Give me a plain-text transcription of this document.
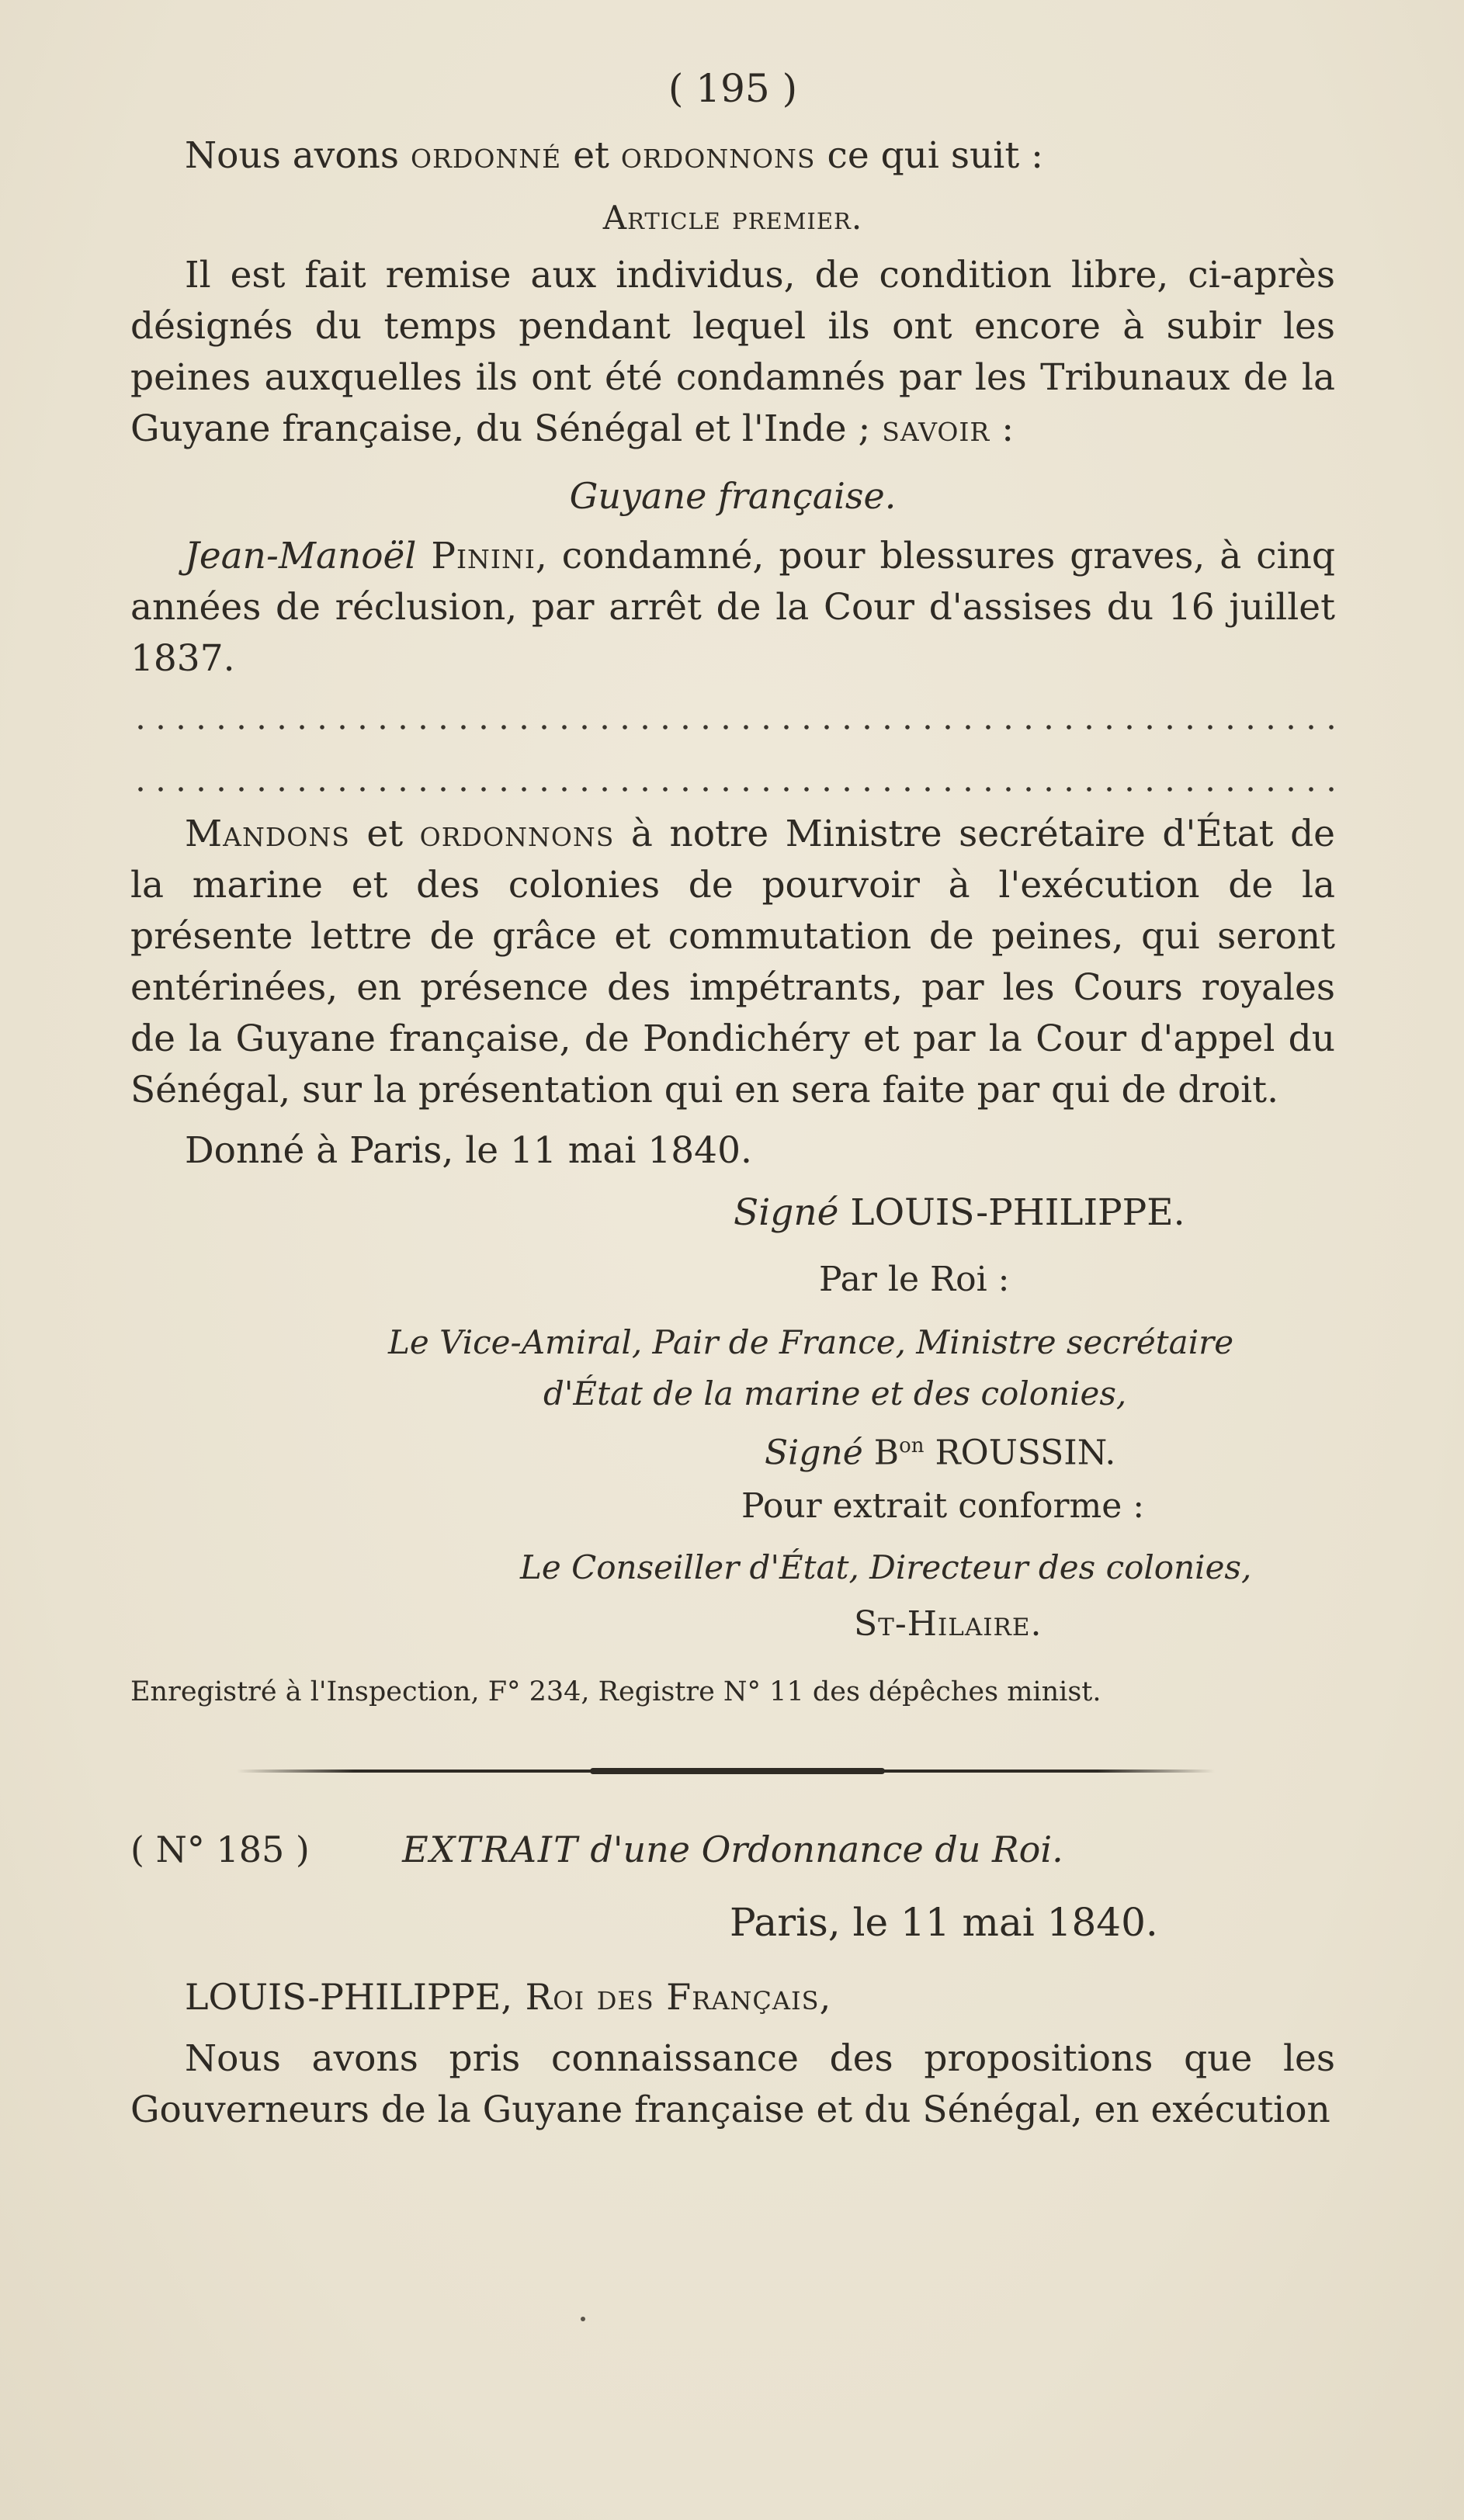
( 195 )

Nous avons ordonné et ordonnons ce qui suit :

Article premier.

Il est fait remise aux individus, de condition libre, ci-après désignés du temps pendant lequel ils ont encore à subir les peines auxquelles ils ont été condamnés par les Tribunaux de la Guyane française, du Sénégal et l'Inde ; savoir :

Guyane française.

Jean-Manoël Pinini, condamné, pour blessures graves, à cinq années de réclusion, par arrêt de la Cour d'assises du 16 juillet 1837.

Mandons et ordonnons à notre Ministre secrétaire d'État de la marine et des colonies de pourvoir à l'exécution de la présente lettre de grâce et commutation de peines, qui seront entérinées, en présence des impétrants, par les Cours royales de la Guyane française, de Pondichéry et par la Cour d'appel du Sénégal, sur la présentation qui en sera faite par qui de droit.

Donné à Paris, le 11 mai 1840.

Signé LOUIS-PHILIPPE.
Par le Roi :
Le Vice-Amiral, Pair de France, Ministre secrétaire
d'État de la marine et des colonies,
Signé $B^{on}$ ROUSSIN.
Pour extrait conforme :
Le Conseiller d'État, Directeur des colonies,
St-Hilaire.
Enregistré à l'Inspection, F° 234, Registre N° 11 des dépêches minist.
( N° 185 )	EXTRAIT d'une Ordonnance du Roi.
Paris, le 11 mai 1840.

LOUIS-PHILIPPE, Roi des Français,

Nous avons pris connaissance des propositions que les Gouverneurs de la Guyane française et du Sénégal, en exécution
